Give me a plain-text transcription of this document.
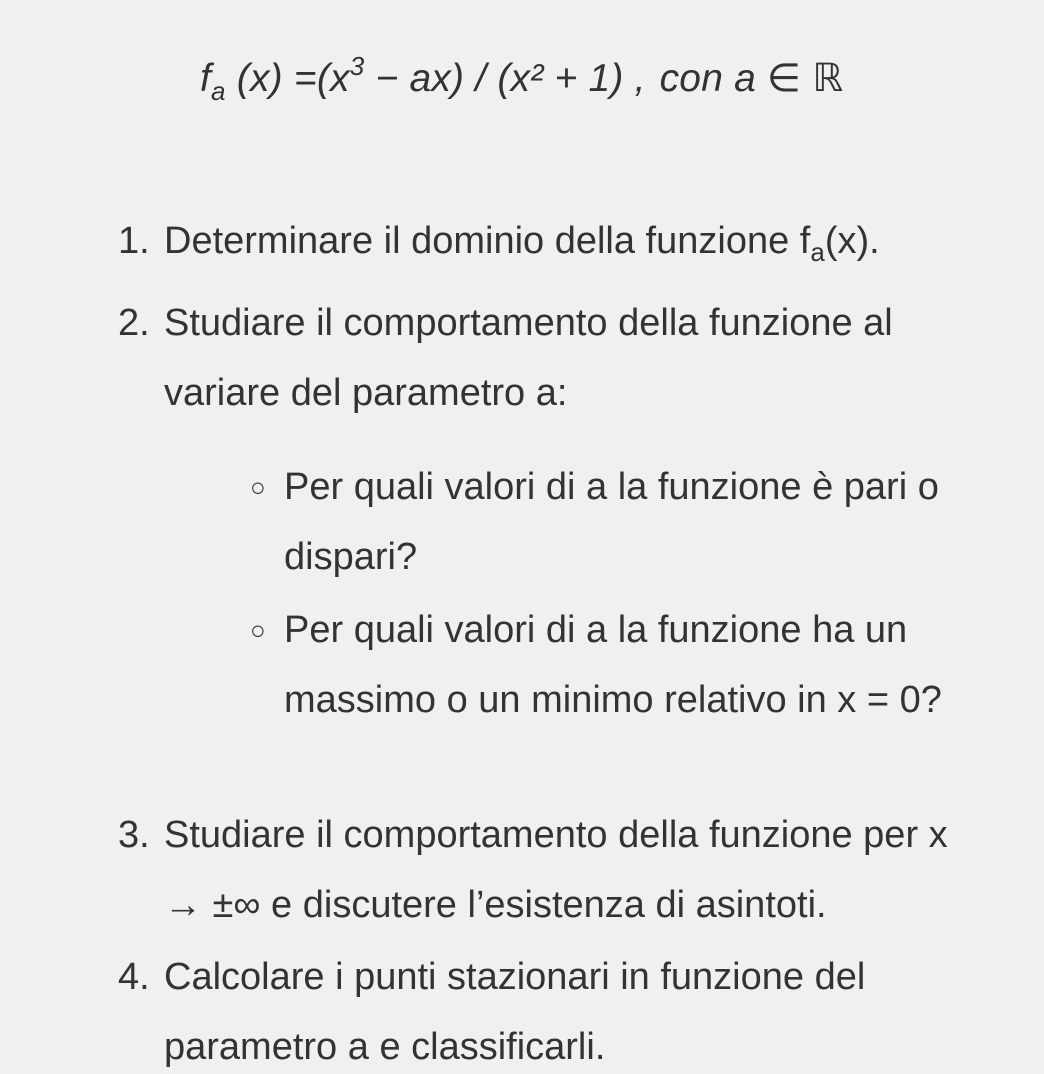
$f_a$ $(x) =(x^3 - ax) / (x^2 + 1)$ , con a ∈ ℝ
1. Determinare il dominio della funzione $f_a(x)$.
2. Studiare il comportamento della funzione al
variare del parametro a:
○ Per quali valori di a la funzione è pari o
dispari?
○ Per quali valori di a la funzione ha un
massimo o un minimo relativo in x = 0?
3. Studiare il comportamento della funzione per x
→ ±∞ e discutere l’esistenza di asintoti.
4. Calcolare i punti stazionari in funzione del
parametro a e classificarli.
